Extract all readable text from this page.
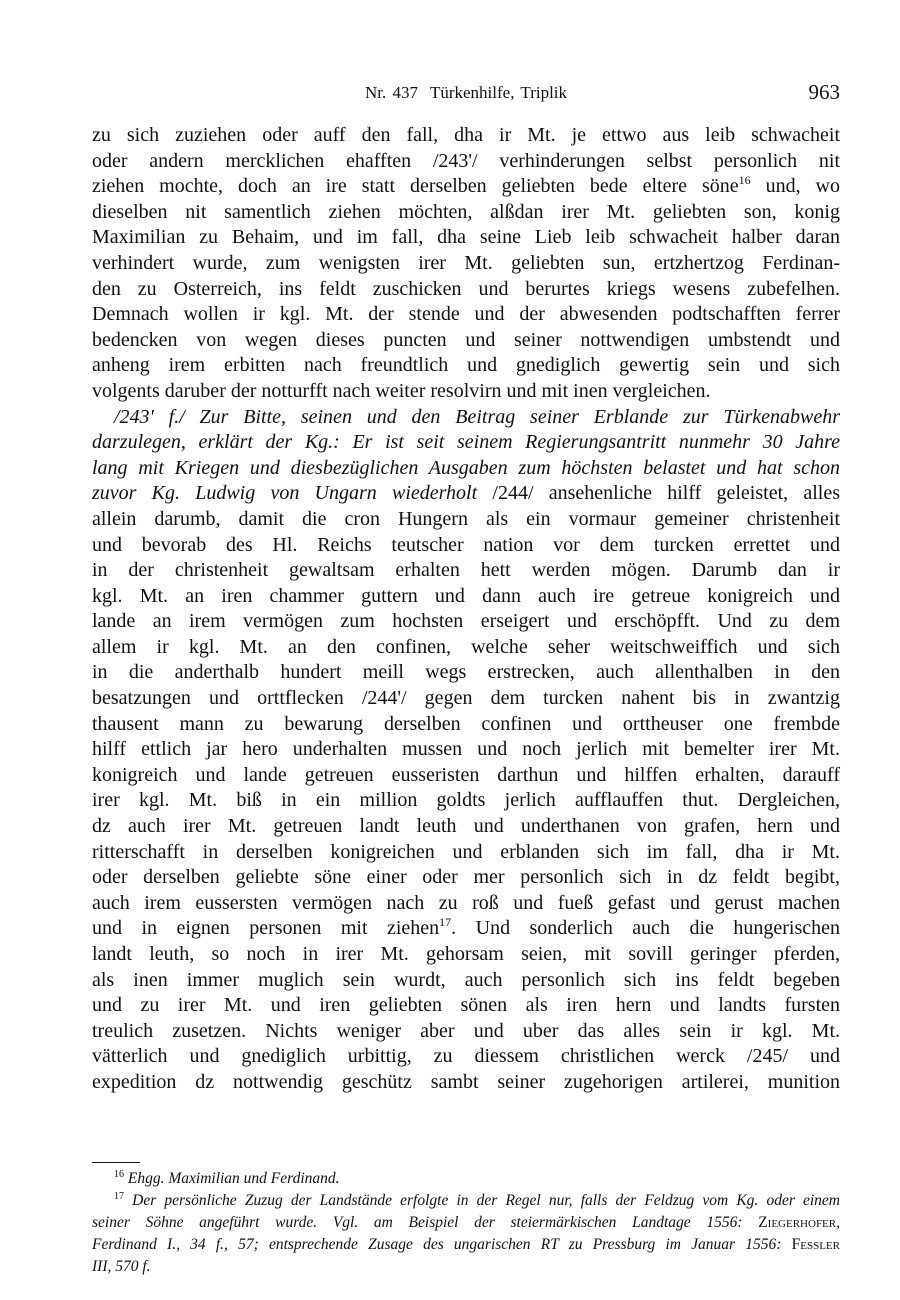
Nr. 437 Türkenhilfe, Triplik	963
zu sich zuziehen oder auff den fall, dha ir Mt. je ettwo aus leib schwacheit
oder andern mercklichen ehafften /243'/ verhinderungen selbst personlich nit
ziehen mochte, doch an ire statt derselben geliebten bede eltere söne$^{16}$ und, wo
dieselben nit samentlich ziehen möchten, alßdan irer Mt. geliebten son, konig
Maximilian zu Behaim, und im fall, dha seine Lieb leib schwacheit halber daran
verhindert wurde, zum wenigsten irer Mt. geliebten sun, ertzhertzog Ferdinan-
den zu Osterreich, ins feldt zuschicken und berurtes kriegs wesens zubefelhen.
Demnach wollen ir kgl. Mt. der stende und der abwesenden podtschafften ferrer
bedencken von wegen dieses puncten und seiner nottwendigen umbstendt und
anheng irem erbitten nach freundtlich und gnediglich gewertig sein und sich
volgents daruber der notturfft nach weiter resolvirn und mit inen vergleichen.
/243' f./ Zur Bitte, seinen und den Beitrag seiner Erblande zur Türkenabwehr
darzulegen, erklärt der Kg.: Er ist seit seinem Regierungsantritt nunmehr 30 Jahre
lang mit Kriegen und diesbezüglichen Ausgaben zum höchsten belastet und hat schon
zuvor Kg. Ludwig von Ungarn wiederholt /244/ ansehenliche hilff geleistet, alles
allein darumb, damit die cron Hungern als ein vormaur gemeiner christenheit
und bevorab des Hl. Reichs teutscher nation vor dem turcken errettet und
in der christenheit gewaltsam erhalten hett werden mögen. Darumb dan ir
kgl. Mt. an iren chammer guttern und dann auch ire getreue konigreich und
lande an irem vermögen zum hochsten erseigert und erschöpfft. Und zu dem
allem ir kgl. Mt. an den confinen, welche seher weitschweiffich und sich
in die anderthalb hundert meill wegs erstrecken, auch allenthalben in den
besatzungen und orttflecken /244'/ gegen dem turcken nahent bis in zwantzig
thausent mann zu bewarung derselben confinen und orttheuser one frembde
hilff ettlich jar hero underhalten mussen und noch jerlich mit bemelter irer Mt.
konigreich und lande getreuen eusseristen darthun und hilffen erhalten, darauff
irer kgl. Mt. biß in ein million goldts jerlich aufflauffen thut. Dergleichen,
dz auch irer Mt. getreuen landt leuth und underthanen von grafen, hern und
ritterschafft in derselben konigreichen und erblanden sich im fall, dha ir Mt.
oder derselben geliebte söne einer oder mer personlich sich in dz feldt begibt,
auch irem eussersten vermögen nach zu roß und fueß gefast und gerust machen
und in eignen personen mit ziehen$^{17}$. Und sonderlich auch die hungerischen
landt leuth, so noch in irer Mt. gehorsam seien, mit sovill geringer pferden,
als inen immer muglich sein wurdt, auch personlich sich ins feldt begeben
und zu irer Mt. und iren geliebten sönen als iren hern und landts fursten
treulich zusetzen. Nichts weniger aber und uber das alles sein ir kgl. Mt.
vätterlich und gnediglich urbittig, zu diessem christlichen werck /245/ und
expedition dz nottwendig geschütz sambt seiner zugehorigen artilerei, munition
$^{16}$ Ehgg. Maximilian und Ferdinand.
$^{17}$ Der persönliche Zuzug der Landstände erfolgte in der Regel nur, falls der Feldzug vom Kg. oder einem
seiner Söhne angeführt wurde. Vgl. am Beispiel der steiermärkischen Landtage 1556: Ziegerhofer,
Ferdinand I., 34 f., 57; entsprechende Zusage des ungarischen RT zu Pressburg im Januar 1556: Fessler
III, 570 f.
